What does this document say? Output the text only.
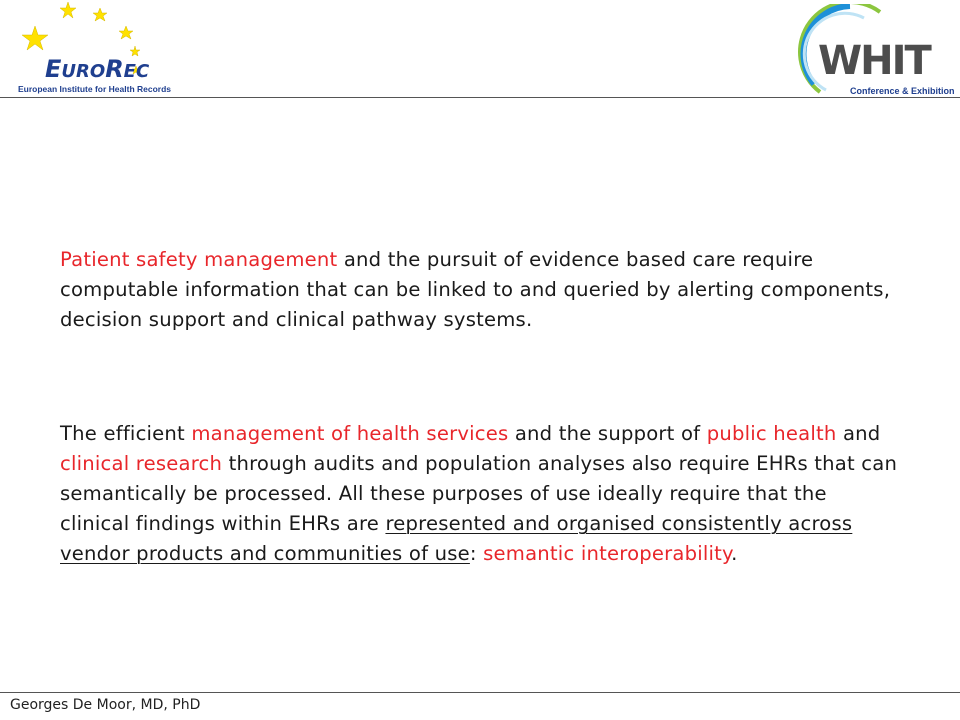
EUROREC
European Institute for Health Records
WHIT
Conference & Exhibition
Patient safety management and the pursuit of evidence based care require computable information that can be linked to and queried by alerting components, decision support and clinical pathway systems.
The efficient management of health services and the support of public health and clinical research through audits and population analyses also require EHRs that can semantically be processed. All these purposes of use ideally require that the clinical findings within EHRs are represented and organised consistently across vendor products and communities of use: semantic interoperability.
Georges De Moor, MD, PhD
